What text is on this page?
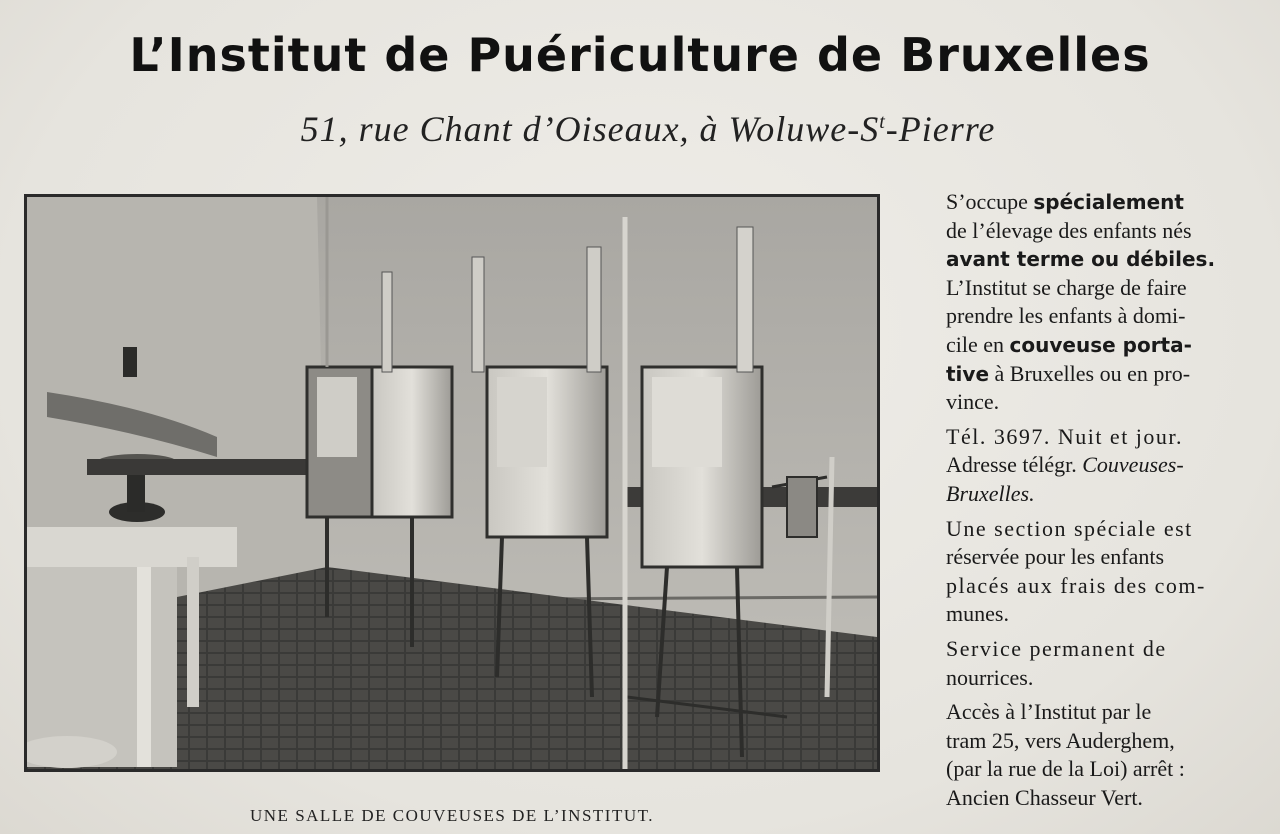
L’Institut de Puériculture de Bruxelles
51, rue Chant d’Oiseaux, à Woluwe-$S^t$-Pierre
UNE SALLE DE COUVEUSES DE L’INSTITUT.

S’occupe spécialement
de l’élevage des enfants nés
avant terme ou débiles.
L’Institut se charge de faire
prendre les enfants à domi-
cile en couveuse porta-
tive à Bruxelles ou en pro-
vince.

Tél. 3697. Nuit et jour.
Adresse télégr. Couveuses-
Bruxelles.

Une section spéciale est
réservée pour les enfants
placés aux frais des com-
munes.

Service permanent de
nourrices.

Accès à l’Institut par le
tram 25, vers Auderghem,
(par la rue de la Loi) arrêt :
Ancien Chasseur Vert.
